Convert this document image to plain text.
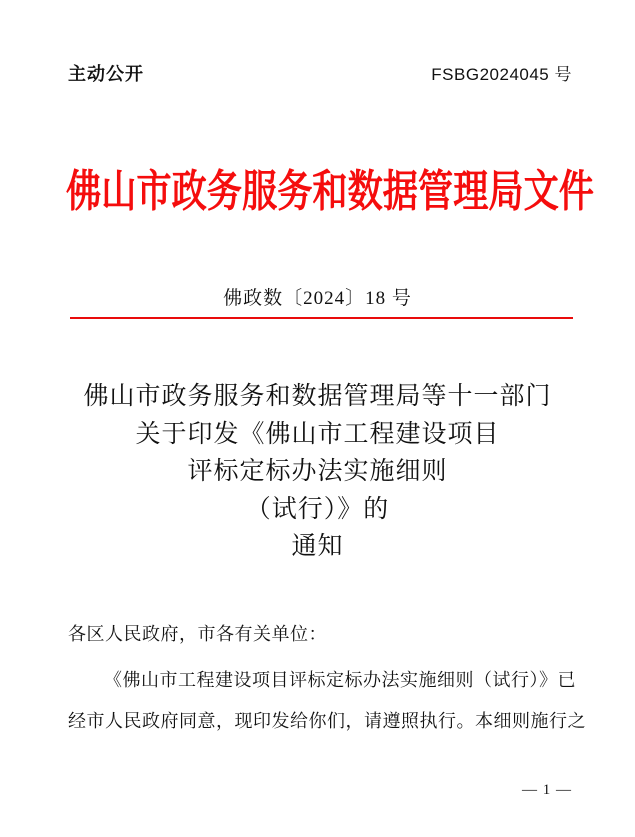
主动公开	FSBG2024045 号
佛山市政务服务和数据管理局文件
佛政数〔2024〕18 号
佛山市政务服务和数据管理局等十一部门
关于印发《佛山市工程建设项目
评标定标办法实施细则
（试行）》的
通知
各区人民政府，市各有关单位：
《佛山市工程建设项目评标定标办法实施细则（试行）》已
经市人民政府同意，现印发给你们，请遵照执行。本细则施行之
— 1 —
